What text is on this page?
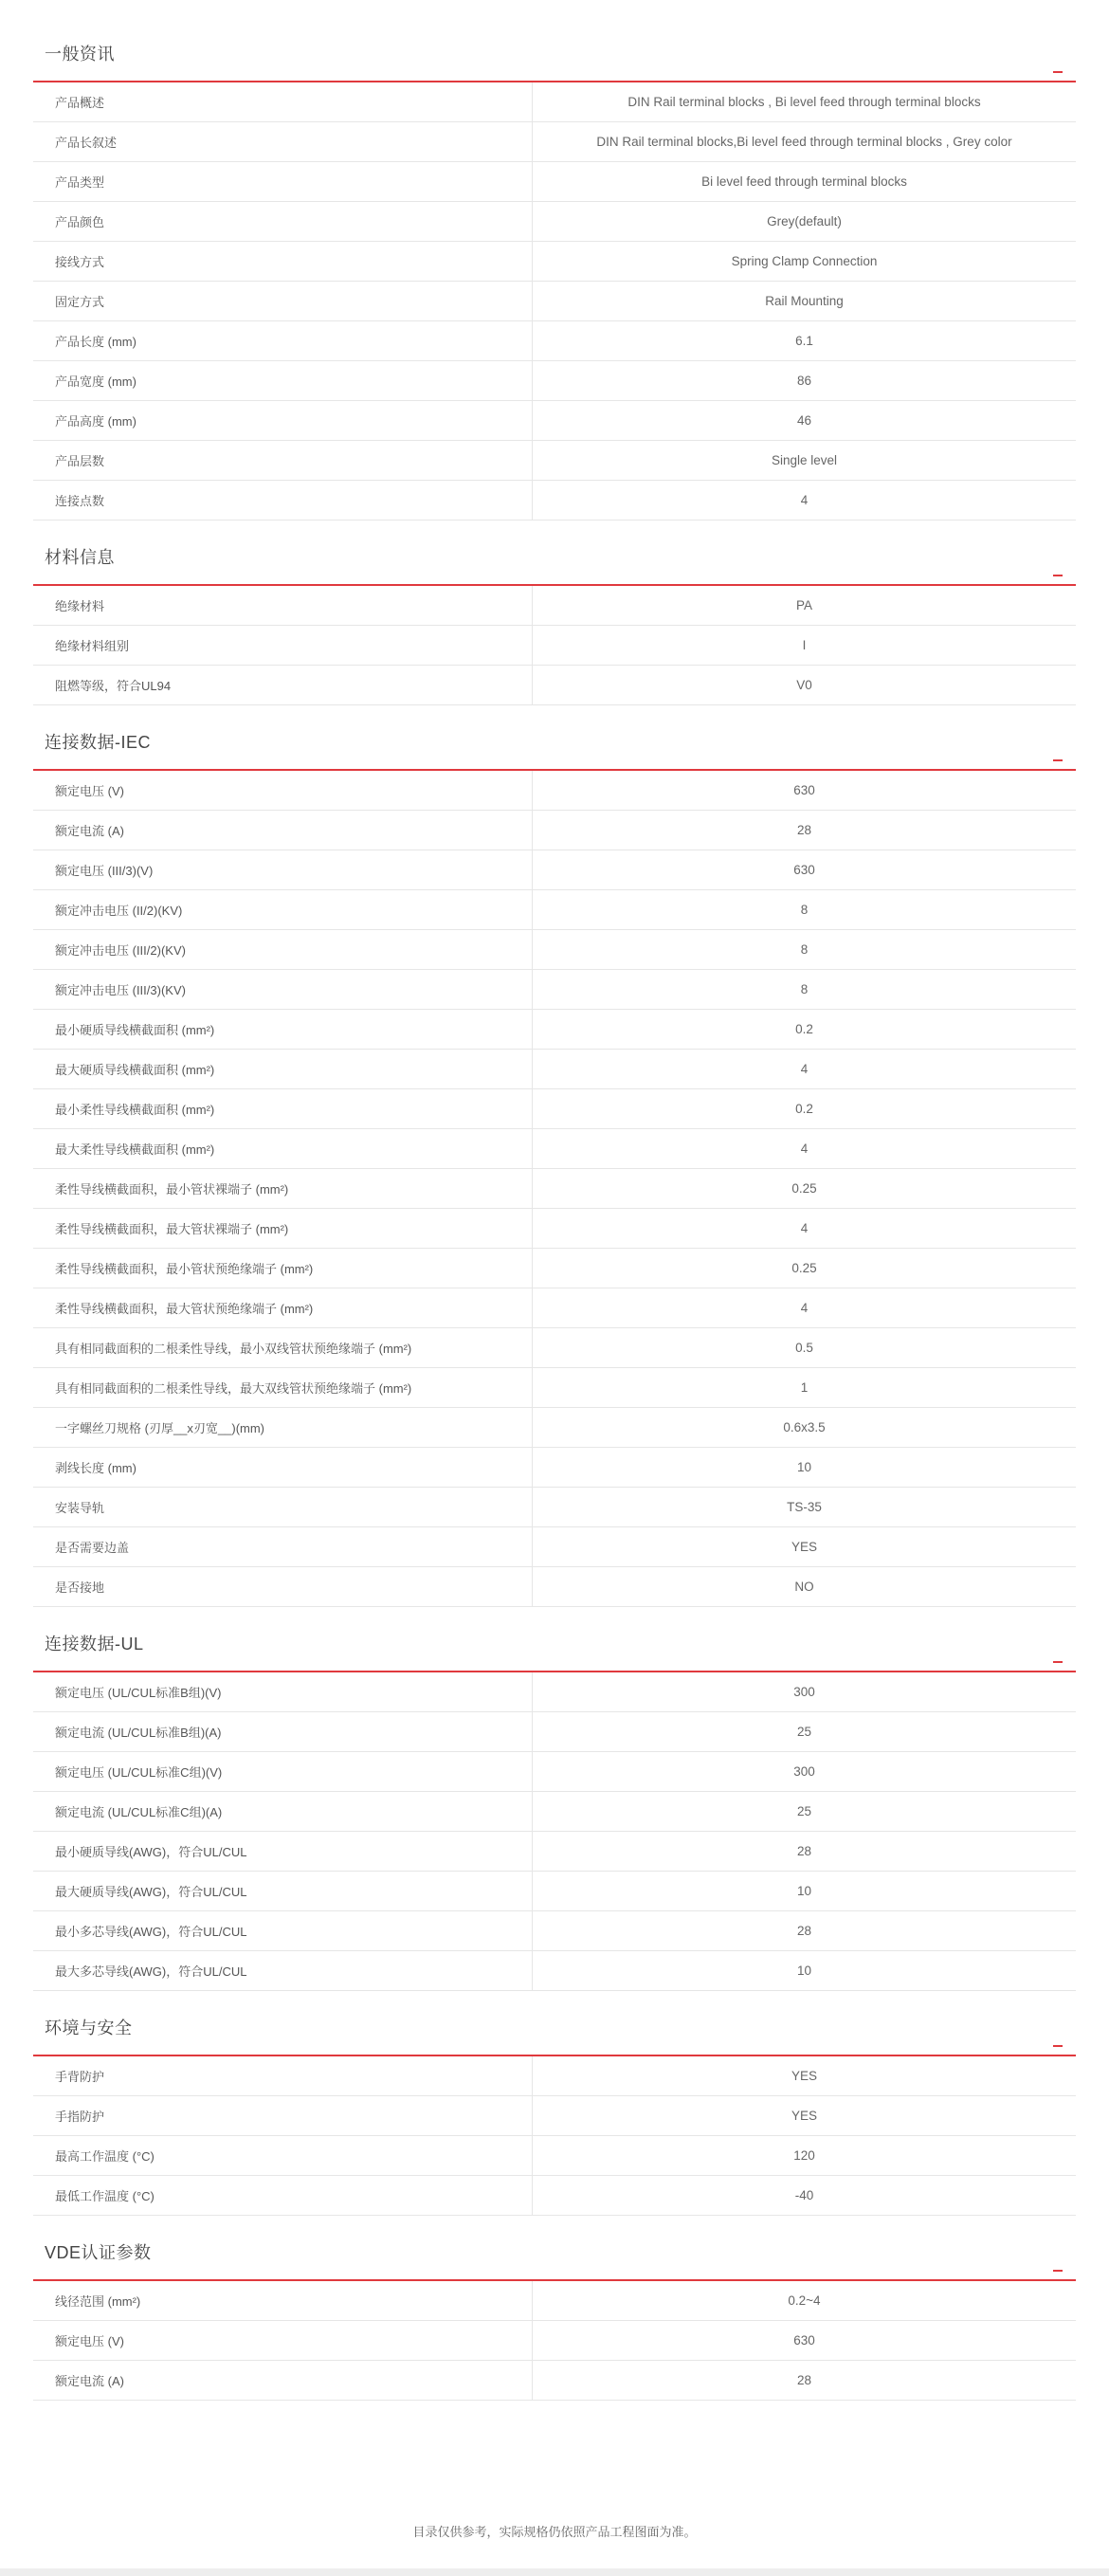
一般资讯
产品概述	DIN Rail terminal blocks , Bi level feed through terminal blocks
产品长叙述	DIN Rail terminal blocks,Bi level feed through terminal blocks , Grey color
产品类型	Bi level feed through terminal blocks
产品颜色	Grey(default)
接线方式	Spring Clamp Connection
固定方式	Rail Mounting
产品长度 (mm)	6.1
产品宽度 (mm)	86
产品高度 (mm)	46
产品层数	Single level
连接点数	4
材料信息
绝缘材料	PA
绝缘材料组别	I
阻燃等级，符合UL94	V0
连接数据-IEC
额定电压 (V)	630
额定电流 (A)	28
额定电压 (III/3)(V)	630
额定冲击电压 (II/2)(KV)	8
额定冲击电压 (III/2)(KV)	8
额定冲击电压 (III/3)(KV)	8
最小硬质导线横截面积 (mm²)	0.2
最大硬质导线横截面积 (mm²)	4
最小柔性导线横截面积 (mm²)	0.2
最大柔性导线横截面积 (mm²)	4
柔性导线横截面积，最小管状裸端子 (mm²)	0.25
柔性导线横截面积，最大管状裸端子 (mm²)	4
柔性导线横截面积，最小管状预绝缘端子 (mm²)	0.25
柔性导线横截面积，最大管状预绝缘端子 (mm²)	4
具有相同截面积的二根柔性导线，最小双线管状预绝缘端子 (mm²)	0.5
具有相同截面积的二根柔性导线，最大双线管状预绝缘端子 (mm²)	1
一字螺丝刀规格 (刃厚__x刃宽__)(mm)	0.6x3.5
剥线长度 (mm)	10
安装导轨	TS-35
是否需要边盖	YES
是否接地	NO
连接数据-UL
额定电压 (UL/CUL标准B组)(V)	300
额定电流 (UL/CUL标准B组)(A)	25
额定电压 (UL/CUL标准C组)(V)	300
额定电流 (UL/CUL标准C组)(A)	25
最小硬质导线(AWG)，符合UL/CUL	28
最大硬质导线(AWG)，符合UL/CUL	10
最小多芯导线(AWG)，符合UL/CUL	28
最大多芯导线(AWG)，符合UL/CUL	10
环境与安全
手背防护	YES
手指防护	YES
最高工作温度 (°C)	120
最低工作温度 (°C)	-40
VDE认证参数
线径范围 (mm²)	0.2~4
额定电压 (V)	630
额定电流 (A)	28
目录仅供参考，实际规格仍依照产品工程图面为准。
